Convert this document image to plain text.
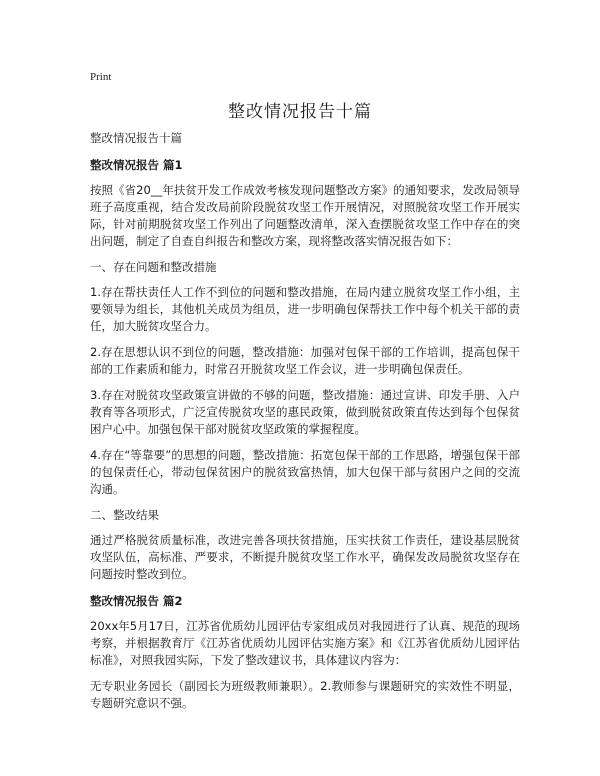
Print
整改情况报告十篇

整改情况报告十篇

整改情况报告 篇1

按照《省20__年扶贫开发工作成效考核发现问题整改方案》的通知要求，发改局领导班子高度重视，结合发改局前阶段脱贫攻坚工作开展情况，对照脱贫攻坚工作开展实际，针对前期脱贫攻坚工作列出了问题整改清单，深入查摆脱贫攻坚工作中存在的突出问题，制定了自查自纠报告和整改方案，现将整改落实情况报告如下：

一、存在问题和整改措施

1.存在帮扶责任人工作不到位的问题和整改措施，在局内建立脱贫攻坚工作小组，主要领导为组长，其他机关成员为组员，进一步明确包保帮扶工作中每个机关干部的责任，加大脱贫攻坚合力。

2.存在思想认识不到位的问题，整改措施：加强对包保干部的工作培训，提高包保干部的工作素质和能力，时常召开脱贫攻坚工作会议，进一步明确包保责任。

3.存在对脱贫攻坚政策宣讲做的不够的问题，整改措施：通过宣讲、印发手册、入户教育等各项形式，广泛宣传脱贫攻坚的惠民政策，做到脱贫政策直传达到每个包保贫困户心中。加强包保干部对脱贫攻坚政策的掌握程度。

4.存在“等靠要”的思想的问题，整改措施：拓宽包保干部的工作思路，增强包保干部的包保责任心，带动包保贫困户的脱贫致富热情，加大包保干部与贫困户之间的交流沟通。

二、整改结果

通过严格脱贫质量标准，改进完善各项扶贫措施，压实扶贫工作责任，建设基层脱贫攻坚队伍，高标准、严要求，不断提升脱贫攻坚工作水平，确保发改局脱贫攻坚存在问题按时整改到位。

整改情况报告 篇2

20xx年5月17日，江苏省优质幼儿园评估专家组成员对我园进行了认真、规范的现场考察，并根据教育厅《江苏省优质幼儿园评估实施方案》和《江苏省优质幼儿园评估标准》，对照我园实际，下发了整改建议书，具体建议内容为：

无专职业务园长（副园长为班级教师兼职）。2.教师参与课题研究的实效性不明显，专题研究意识不强。
